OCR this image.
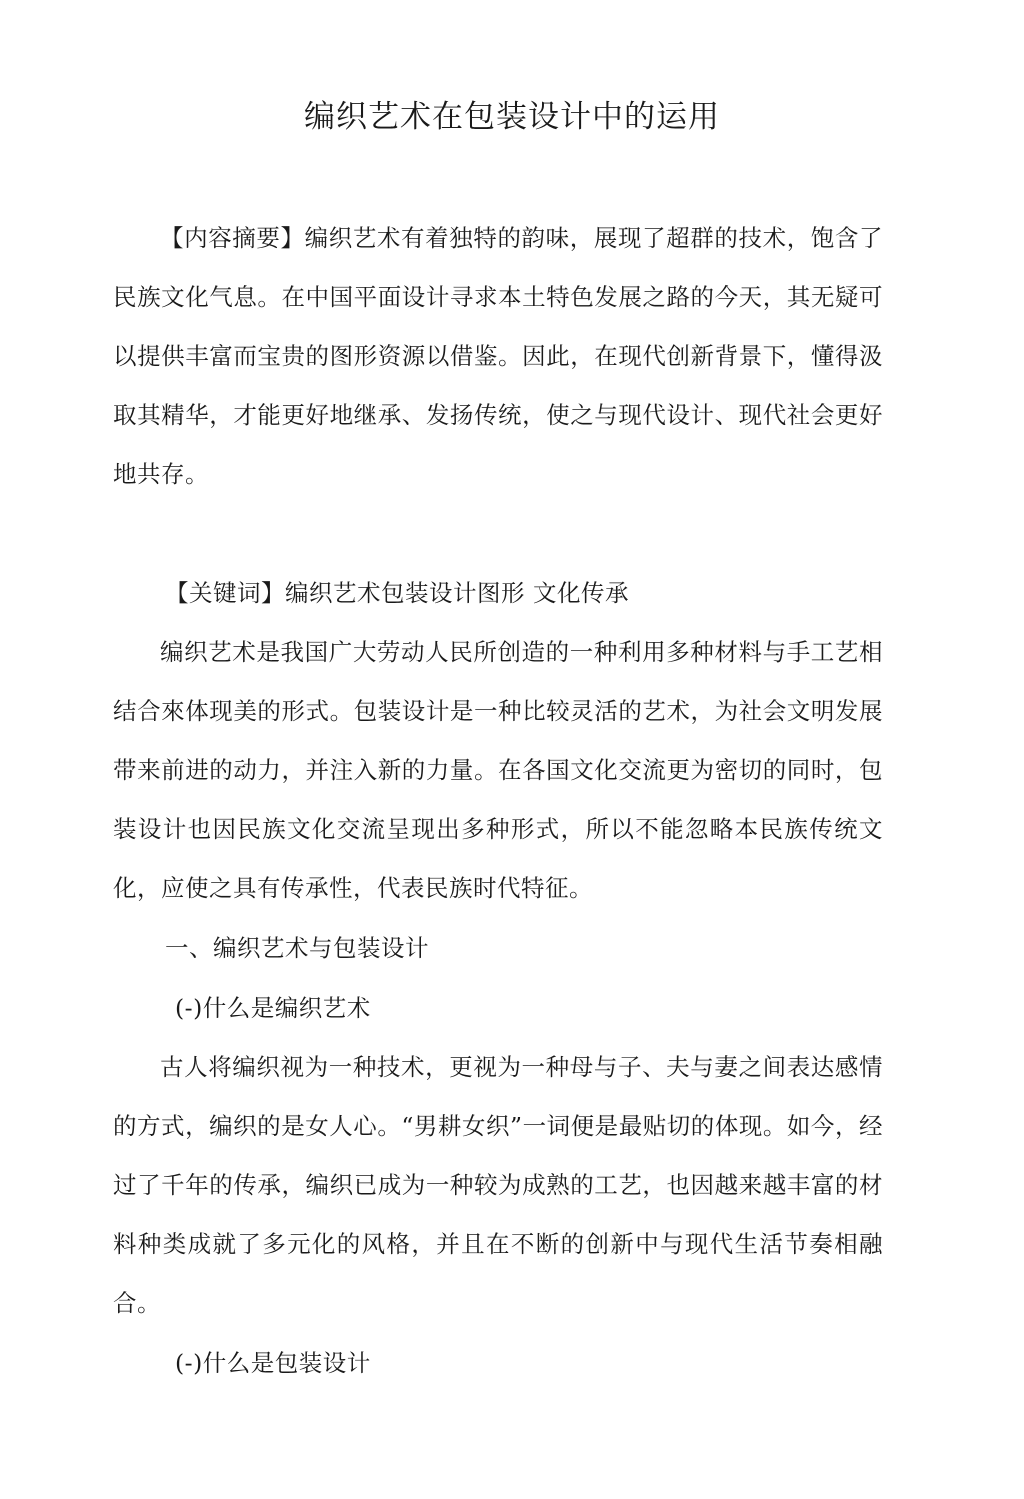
编织艺术在包装设计中的运用

【内容摘要】编织艺术有着独特的韵味，展现了超群的技术，饱含了民族文化气息。在中国平面设计寻求本土特色发展之路的今天，其无疑可以提供丰富而宝贵的图形资源以借鉴。因此，在现代创新背景下，懂得汲取其精华，才能更好地继承、发扬传统，使之与现代设计、现代社会更好地共存。

【关键词】编织艺术包装设计图形 文化传承

编织艺术是我国广大劳动人民所创造的一种利用多种材料与手工艺相结合來体现美的形式。包装设计是一种比较灵活的艺术，为社会文明发展带来前进的动力，并注入新的力量。在各国文化交流更为密切的同时，包装设计也因民族文化交流呈现出多种形式，所以不能忽略本民族传统文化，应使之具有传承性，代表民族时代特征。

一、编织艺术与包装设计

(-)什么是编织艺术

古人将编织视为一种技术，更视为一种母与子、夫与妻之间表达感情的方式，编织的是女人心。“男耕女织”一词便是最贴切的体现。如今，经过了千年的传承，编织已成为一种较为成熟的工艺，也因越来越丰富的材料种类成就了多元化的风格，并且在不断的创新中与现代生活节奏相融合。

(-)什么是包装设计
